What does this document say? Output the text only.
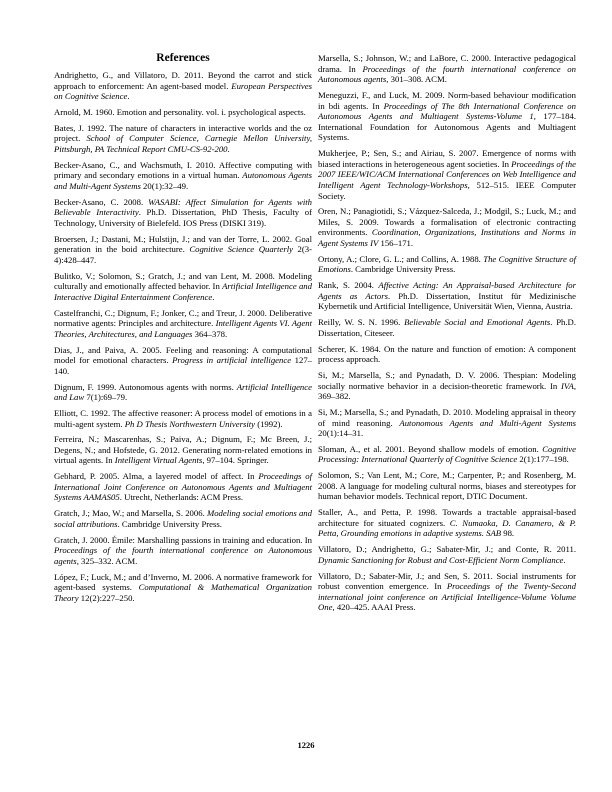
References

Andrighetto, G., and Villatoro, D. 2011. Beyond the carrot and stick approach to enforcement: An agent-based model. European Perspectives on Cognitive Science.

Arnold, M. 1960. Emotion and personality. vol. i. psychological aspects.

Bates, J. 1992. The nature of characters in interactive worlds and the oz project. School of Computer Science, Carnegie Mellon University, Pittsburgh, PA Technical Report CMU-CS-92-200.

Becker-Asano, C., and Wachsmuth, I. 2010. Affective computing with primary and secondary emotions in a virtual human. Autonomous Agents and Multi-Agent Systems 20(1):32–49.

Becker-Asano, C. 2008. WASABI: Affect Simulation for Agents with Believable Interactivity. Ph.D. Dissertation, PhD Thesis, Faculty of Technology, University of Bielefeld. IOS Press (DISKI 319).

Broersen, J.; Dastani, M.; Hulstijn, J.; and van der Torre, L. 2002. Goal generation in the boid architecture. Cognitive Science Quarterly 2(3-4):428–447.

Bulitko, V.; Solomon, S.; Gratch, J.; and van Lent, M. 2008. Modeling culturally and emotionally affected behavior. In Artificial Intelligence and Interactive Digital Entertainment Conference.

Castelfranchi, C.; Dignum, F.; Jonker, C.; and Treur, J. 2000. Deliberative normative agents: Principles and architecture. Intelligent Agents VI. Agent Theories, Architectures, and Languages 364–378.

Dias, J., and Paiva, A. 2005. Feeling and reasoning: A computational model for emotional characters. Progress in artificial intelligence 127–140.

Dignum, F. 1999. Autonomous agents with norms. Artificial Intelligence and Law 7(1):69–79.

Elliott, C. 1992. The affective reasoner: A process model of emotions in a multi-agent system. Ph D Thesis Northwestern University (1992).

Ferreira, N.; Mascarenhas, S.; Paiva, A.; Dignum, F.; Mc Breen, J.; Degens, N.; and Hofstede, G. 2012. Generating norm-related emotions in virtual agents. In Intelligent Virtual Agents, 97–104. Springer.

Gebhard, P. 2005. Alma, a layered model of affect. In Proceedings of International Joint Conference on Autonomous Agents and Multiagent Systems AAMAS05. Utrecht, Netherlands: ACM Press.

Gratch, J.; Mao, W.; and Marsella, S. 2006. Modeling social emotions and social attributions. Cambridge University Press.

Gratch, J. 2000. Émile: Marshalling passions in training and education. In Proceedings of the fourth international conference on Autonomous agents, 325–332. ACM.

López, F.; Luck, M.; and d’Inverno, M. 2006. A normative framework for agent-based systems. Computational & Mathematical Organization Theory 12(2):227–250.

Marsella, S.; Johnson, W.; and LaBore, C. 2000. Interactive pedagogical drama. In Proceedings of the fourth international conference on Autonomous agents, 301–308. ACM.

Meneguzzi, F., and Luck, M. 2009. Norm-based behaviour modification in bdi agents. In Proceedings of The 8th International Conference on Autonomous Agents and Multiagent Systems-Volume 1, 177–184. International Foundation for Autonomous Agents and Multiagent Systems.

Mukherjee, P.; Sen, S.; and Airiau, S. 2007. Emergence of norms with biased interactions in heterogeneous agent societies. In Proceedings of the 2007 IEEE/WIC/ACM International Conferences on Web Intelligence and Intelligent Agent Technology-Workshops, 512–515. IEEE Computer Society.

Oren, N.; Panagiotidi, S.; Vázquez-Salceda, J.; Modgil, S.; Luck, M.; and Miles, S. 2009. Towards a formalisation of electronic contracting environments. Coordination, Organizations, Institutions and Norms in Agent Systems IV 156–171.

Ortony, A.; Clore, G. L.; and Collins, A. 1988. The Cognitive Structure of Emotions. Cambridge University Press.

Rank, S. 2004. Affective Acting: An Appraisal-based Architecture for Agents as Actors. Ph.D. Dissertation, Institut für Medizinische Kybernetik und Artificial Intelligence, Universität Wien, Vienna, Austria.

Reilly, W. S. N. 1996. Believable Social and Emotional Agents. Ph.D. Dissertation, Citeseer.

Scherer, K. 1984. On the nature and function of emotion: A component process approach.

Si, M.; Marsella, S.; and Pynadath, D. V. 2006. Thespian: Modeling socially normative behavior in a decision-theoretic framework. In IVA, 369–382.

Si, M.; Marsella, S.; and Pynadath, D. 2010. Modeling appraisal in theory of mind reasoning. Autonomous Agents and Multi-Agent Systems 20(1):14–31.

Sloman, A., et al. 2001. Beyond shallow models of emotion. Cognitive Processing: International Quarterly of Cognitive Science 2(1):177–198.

Solomon, S.; Van Lent, M.; Core, M.; Carpenter, P.; and Rosenberg, M. 2008. A language for modeling cultural norms, biases and stereotypes for human behavior models. Technical report, DTIC Document.

Staller, A., and Petta, P. 1998. Towards a tractable appraisal-based architecture for situated cognizers. C. Numaoka, D. Canamero, & P. Petta, Grounding emotions in adaptive systems. SAB 98.

Villatoro, D.; Andrighetto, G.; Sabater-Mir, J.; and Conte, R. 2011. Dynamic Sanctioning for Robust and Cost-Efficient Norm Compliance.

Villatoro, D.; Sabater-Mir, J.; and Sen, S. 2011. Social instruments for robust convention emergence. In Proceedings of the Twenty-Second international joint conference on Artificial Intelligence-Volume Volume One, 420–425. AAAI Press.

1226
